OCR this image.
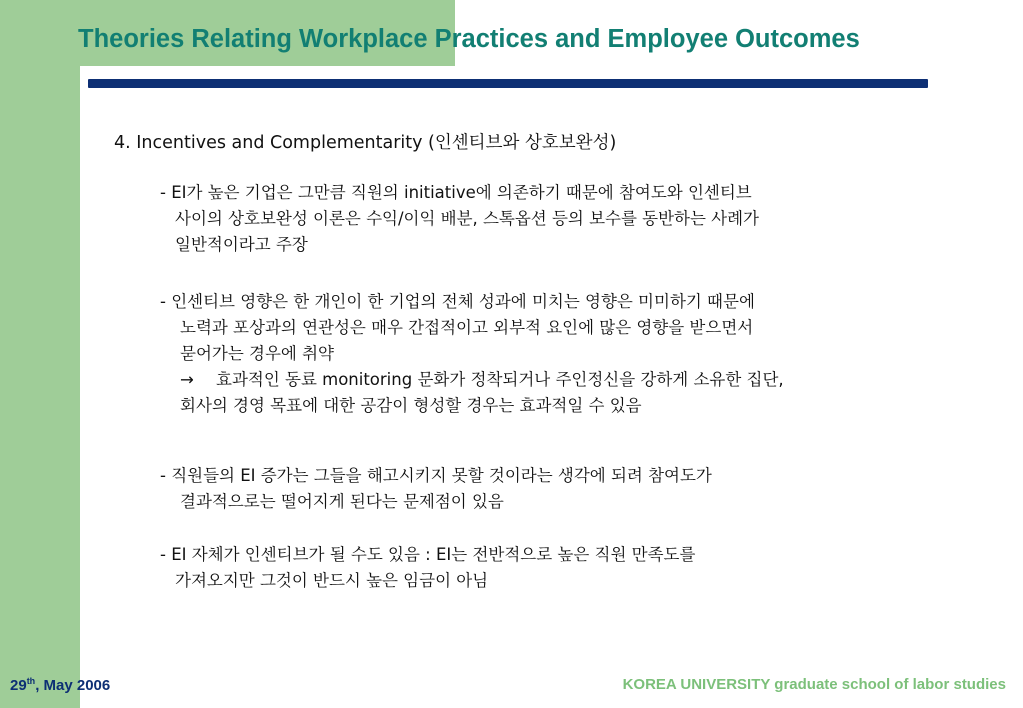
Theories Relating Workplace Practices and Employee Outcomes
4. Incentives and Complementarity (인센티브와 상호보완성)
- EI가 높은 기업은 그만큼 직원의 initiative에 의존하기 때문에 참여도와 인센티브
사이의 상호보완성 이론은 수익/이익 배분, 스톡옵션 등의 보수를 동반하는 사례가
일반적이라고 주장
- 인센티브 영향은 한 개인이 한 기업의 전체 성과에 미치는 영향은 미미하기 때문에
노력과 포상과의 연관성은 매우 간접적이고 외부적 요인에 많은 영향을 받으면서
묻어가는 경우에 취약
→ 효과적인 동료 monitoring 문화가 정착되거나 주인정신을 강하게 소유한 집단,
회사의 경영 목표에 대한 공감이 형성할 경우는 효과적일 수 있음
- 직원들의 EI 증가는 그들을 해고시키지 못할 것이라는 생각에 되려 참여도가
결과적으로는 떨어지게 된다는 문제점이 있음
- EI 자체가 인센티브가 될 수도 있음 : EI는 전반적으로 높은 직원 만족도를
가져오지만 그것이 반드시 높은 임금이 아님
29th, May 2006	KOREA UNIVERSITY graduate school of labor studies
